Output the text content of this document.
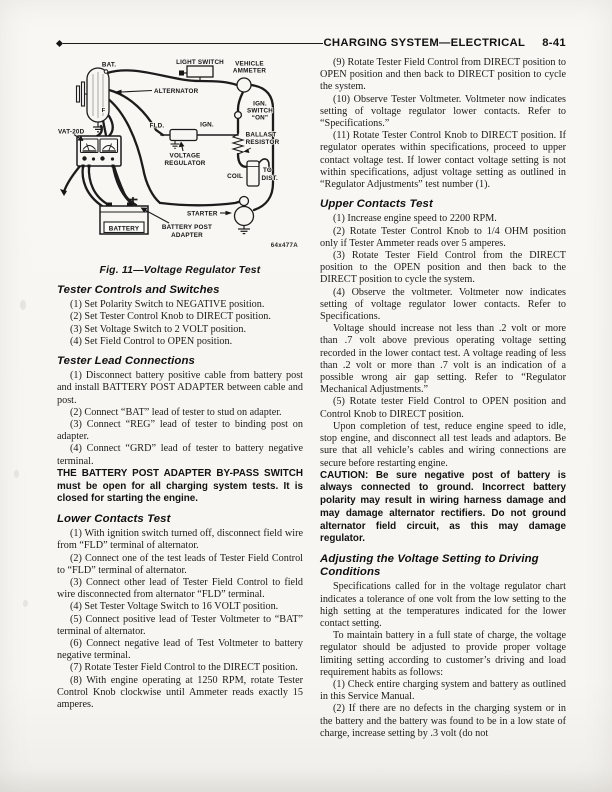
CHARGING SYSTEM—ELECTRICAL 8-41
BAT.
F
ALTERNATOR
LIGHT SWITCH VEHICLE
AMMETER
IGN.
SWITCH
“ON”
FLD.	IGN.
VOLTAGE
REGULATOR
BALLAST
RESISTOR
COIL
TO
DIST.
STARTER
BATTERY	BATTERY POST
ADAPTER
VAT-20D
64x477A
Fig. 11—Voltage Regulator Test
Tester Controls and Switches

(1) Set Polarity Switch to NEGATIVE position.

(2) Set Tester Control Knob to DIRECT position.

(3) Set Voltage Switch to 2 VOLT position.

(4) Set Field Control to OPEN position.

Tester Lead Connections

(1) Disconnect battery positive cable from battery post and install BATTERY POST ADAPTER between cable and post.

(2) Connect “BAT” lead of tester to stud on adapter.

(3) Connect “REG” lead of tester to binding post on adapter.

(4) Connect “GRD” lead of tester to battery negative terminal.

THE BATTERY POST ADAPTER BY-PASS SWITCH must be open for all charging system tests. It is closed for starting the engine.

Lower Contacts Test

(1) With ignition switch turned off, disconnect field wire from “FLD” terminal of alternator.

(2) Connect one of the test leads of Tester Field Control to “FLD” terminal of alternator.

(3) Connect other lead of Tester Field Control to field wire disconnected from alternator “FLD” terminal.

(4) Set Tester Voltage Switch to 16 VOLT position.

(5) Connect positive lead of Tester Voltmeter to “BAT” terminal of alternator.

(6) Connect negative lead of Test Voltmeter to battery negative terminal.

(7) Rotate Tester Field Control to the DIRECT position.

(8) With engine operating at 1250 RPM, rotate Tester Control Knob clockwise until Ammeter reads exactly 15 amperes.

(9) Rotate Tester Field Control from DIRECT position to OPEN position and then back to DIRECT position to cycle the system.

(10) Observe Tester Voltmeter. Voltmeter now indicates setting of voltage regulator lower contacts. Refer to “Specifications.”

(11) Rotate Tester Control Knob to DIRECT position. If regulator operates within specifications, proceed to upper contact voltage test. If lower contact voltage setting is not within specifications, adjust voltage setting as outlined in “Regulator Adjustments” test number (1).

Upper Contacts Test

(1) Increase engine speed to 2200 RPM.

(2) Rotate Tester Control Knob to 1/4 OHM position only if Tester Ammeter reads over 5 amperes.

(3) Rotate Tester Field Control from the DIRECT position to the OPEN position and then back to the DIRECT position to cycle the system.

(4) Observe the voltmeter. Voltmeter now indicates setting of voltage regulator lower contacts. Refer to Specifications.

Voltage should increase not less than .2 volt or more than .7 volt above previous operating voltage setting recorded in the lower contact test. A voltage reading of less than .2 volt or more than .7 volt is an indication of a possible wrong air gap setting. Refer to “Regulator Mechanical Adjustments.”

(5) Rotate tester Field Control to OPEN position and Control Knob to DIRECT position.

Upon completion of test, reduce engine speed to idle, stop engine, and disconnect all test leads and adaptors. Be sure that all vehicle’s cables and wiring connections are secure before restarting engine.

CAUTION: Be sure negative post of battery is always connected to ground. Incorrect battery polarity may result in wiring harness damage and may damage alternator rectifiers. Do not ground alternator field circuit, as this may damage regulator.

Adjusting the Voltage Setting to Driving Conditions

Specifications called for in the voltage regulator chart indicates a tolerance of one volt from the low setting to the high setting at the temperatures indicated for the lower contact setting.

To maintain battery in a full state of charge, the voltage regulator should be adjusted to provide proper voltage limiting setting according to customer’s driving and load requirement habits as follows:

(1) Check entire charging system and battery as outlined in this Service Manual.

(2) If there are no defects in the charging system or in the battery and the battery was found to be in a low state of charge, increase setting by .3 volt (do not
